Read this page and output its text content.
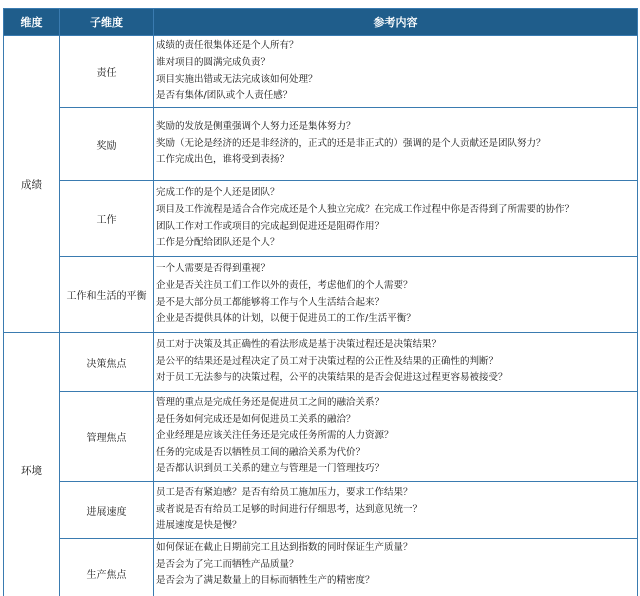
维度	子维度	参考内容
成绩	责任	成绩的责任很集体还是个人所有？
谁对项目的圆满完成负责？
项目实施出错或无法完成该如何处理？
是否有集体/团队或个人责任感？

	奖励	奖励的发放是侧重强调个人努力还是集体努力？
奖励（无论是经济的还是非经济的，正式的还是非正式的）强调的是个人贡献还是团队努力？
工作完成出色，谁将受到表扬？

	工作	完成工作的是个人还是团队？
项目及工作流程是适合合作完成还是个人独立完成？在完成工作过程中你是否得到了所需要的协作？
团队工作对工作或项目的完成起到促进还是阻碍作用？
工作是分配给团队还是个人？

	工作和生活的平衡	一个人需要是否得到重视？
企业是否关注员工们工作以外的责任，考虑他们的个人需要？
是不是大部分员工都能够将工作与个人生活结合起来？
企业是否提供具体的计划，以便于促进员工的工作/生活平衡？

环境	决策焦点	员工对于决策及其正确性的看法形成是基于决策过程还是决策结果？
是公平的结果还是过程决定了员工对于决策过程的公正性及结果的正确性的判断？
对于员工无法参与的决策过程，公平的决策结果的是否会促进这过程更容易被接受？

	管理焦点	管理的重点是完成任务还是促进员工之间的融洽关系？
是任务如何完成还是如何促进员工关系的融洽？
企业经理是应该关注任务还是完成任务所需的人力资源？
任务的完成是否以牺牲员工间的融洽关系为代价？
是否都认识到员工关系的建立与管理是一门管理技巧？

	进展速度	员工是否有紧迫感？是否有给员工施加压力，要求工作结果？
或者说是否有给员工足够的时间进行仔细思考，达到意见统一？
进展速度是快是慢？

	生产焦点	如何保证在截止日期前完工且达到指数的同时保证生产质量？
是否会为了完工而牺牲产品质量？
是否会为了满足数量上的目标而牺牲生产的精密度？
